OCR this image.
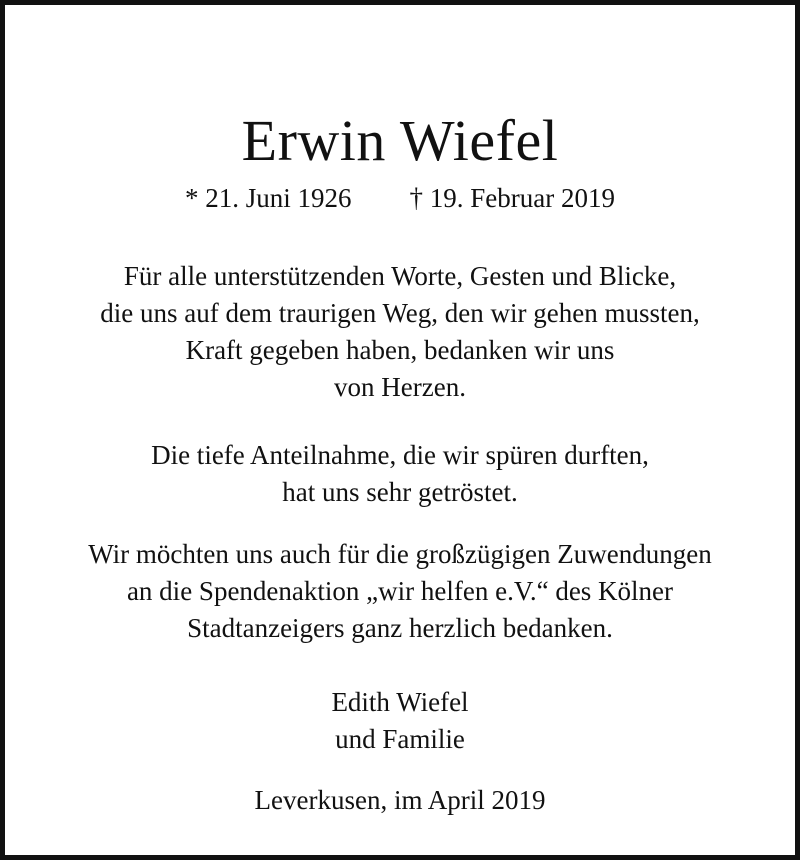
Erwin Wiefel
* 21. Juni 1926 † 19. Februar 2019
Für alle unterstützenden Worte, Gesten und Blicke,
die uns auf dem traurigen Weg, den wir gehen mussten,
Kraft gegeben haben, bedanken wir uns
von Herzen.
Die tiefe Anteilnahme, die wir spüren durften,
hat uns sehr getröstet.
Wir möchten uns auch für die großzügigen Zuwendungen
an die Spendenaktion „wir helfen e.V.“ des Kölner
Stadtanzeigers ganz herzlich bedanken.
Edith Wiefel
und Familie
Leverkusen, im April 2019
